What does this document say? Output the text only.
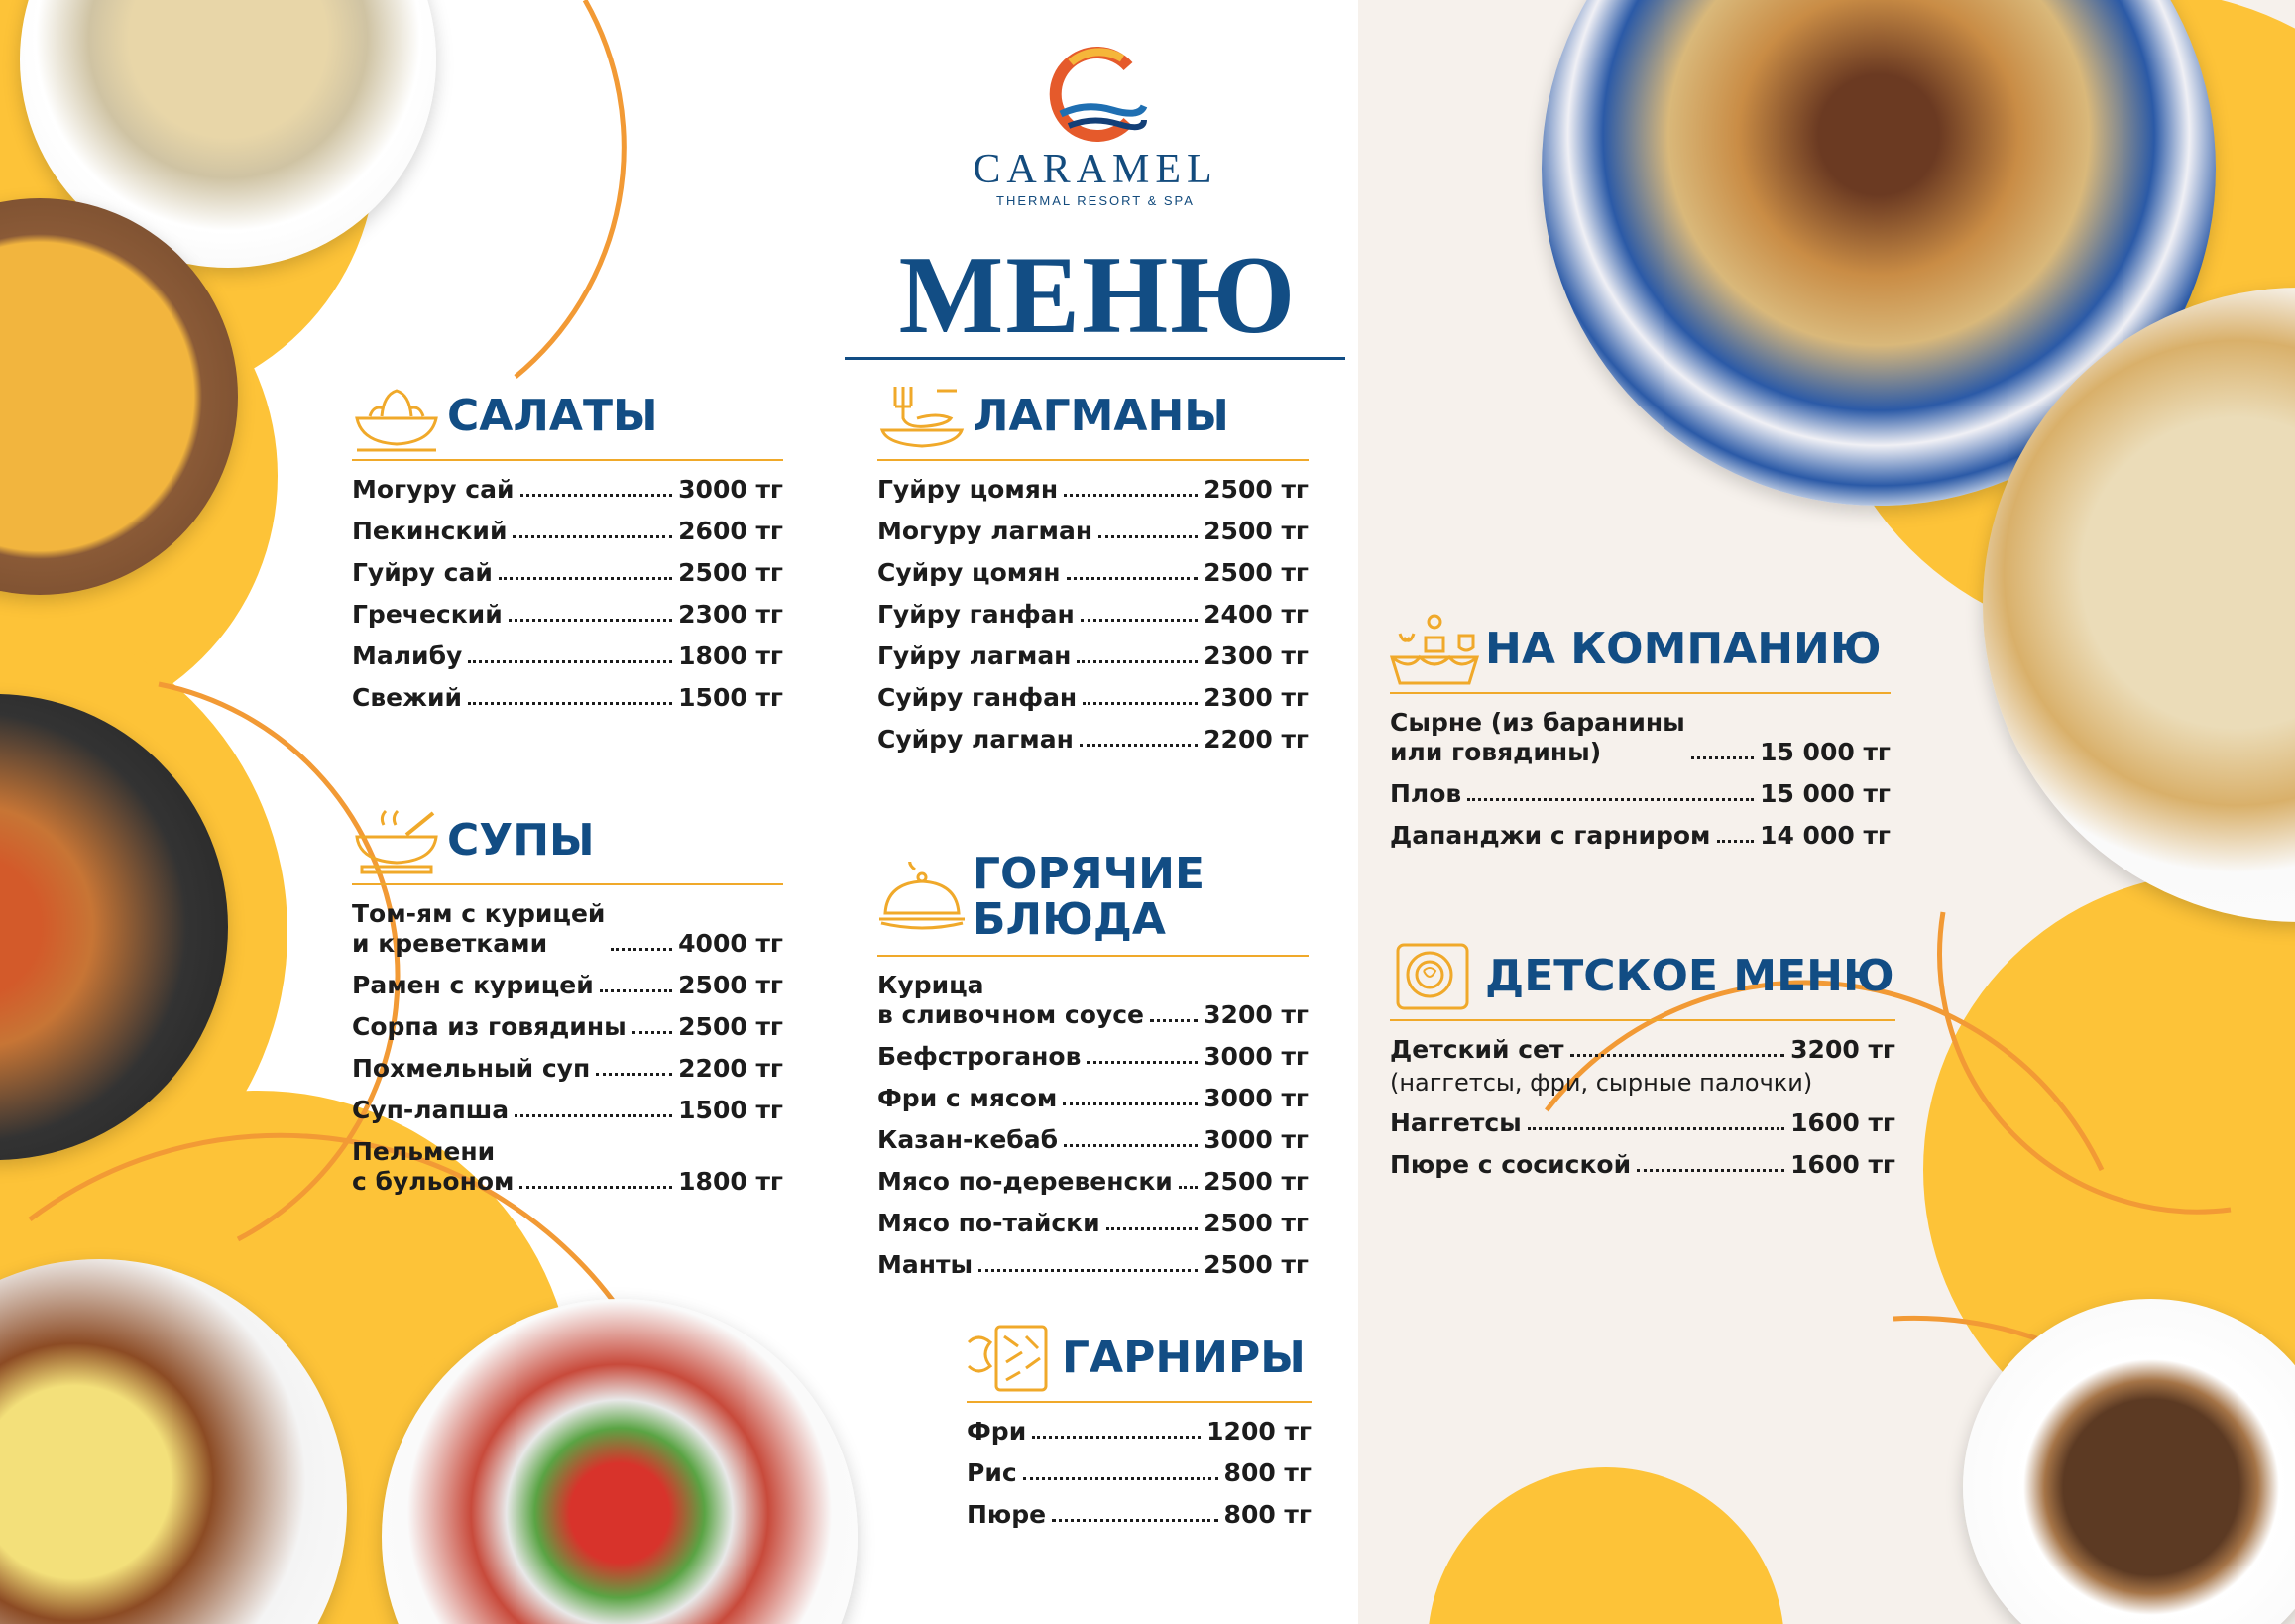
CARAMEL
THERMAL RESORT & SPA
МЕНЮ
САЛАТЫ
Могуру сай	3000 тг
Пекинский	2600 тг
Гуйру сай	2500 тг
Греческий	2300 тг
Малибу	1800 тг
Свежий	1500 тг
СУПЫ
Том-ям с курицей
и креветками	4000 тг
Рамен с курицей	2500 тг
Сорпа из говядины 2500 тг
Похмельный суп	2200 тг
Суп-лапша	1500 тг
Пельмени
с бульоном	1800 тг
ЛАГМАНЫ
Гуйру цомян	2500 тг
Могуру лагман	2500 тг
Суйру цомян	2500 тг
Гуйру ганфан	2400 тг
Гуйру лагман	2300 тг
Суйру ганфан	2300 тг
Суйру лагман	2200 тг
ГОРЯЧИЕ
БЛЮДА
Курица
в сливочном соусе 3200 тг
Бефстроганов	3000 тг
Фри с мясом	3000 тг
Казан-кебаб	3000 тг
Мясо по-деревенски 2500 тг
Мясо по-тайски	2500 тг
Манты	2500 тг
ГАРНИРЫ
Фри	1200 тг
Рис	800 тг
Пюре	800 тг
НА КОМПАНИЮ
Сырне (из баранины
или говядины)	15 000 тг
Плов	15 000 тг
Дапанджи с гарниром 14 000 тг
ДЕТСКОЕ МЕНЮ
Детский сет	3200 тг
(наггетсы, фри, сырные палочки)
Наггетсы	1600 тг
Пюре с сосиской	1600 тг
